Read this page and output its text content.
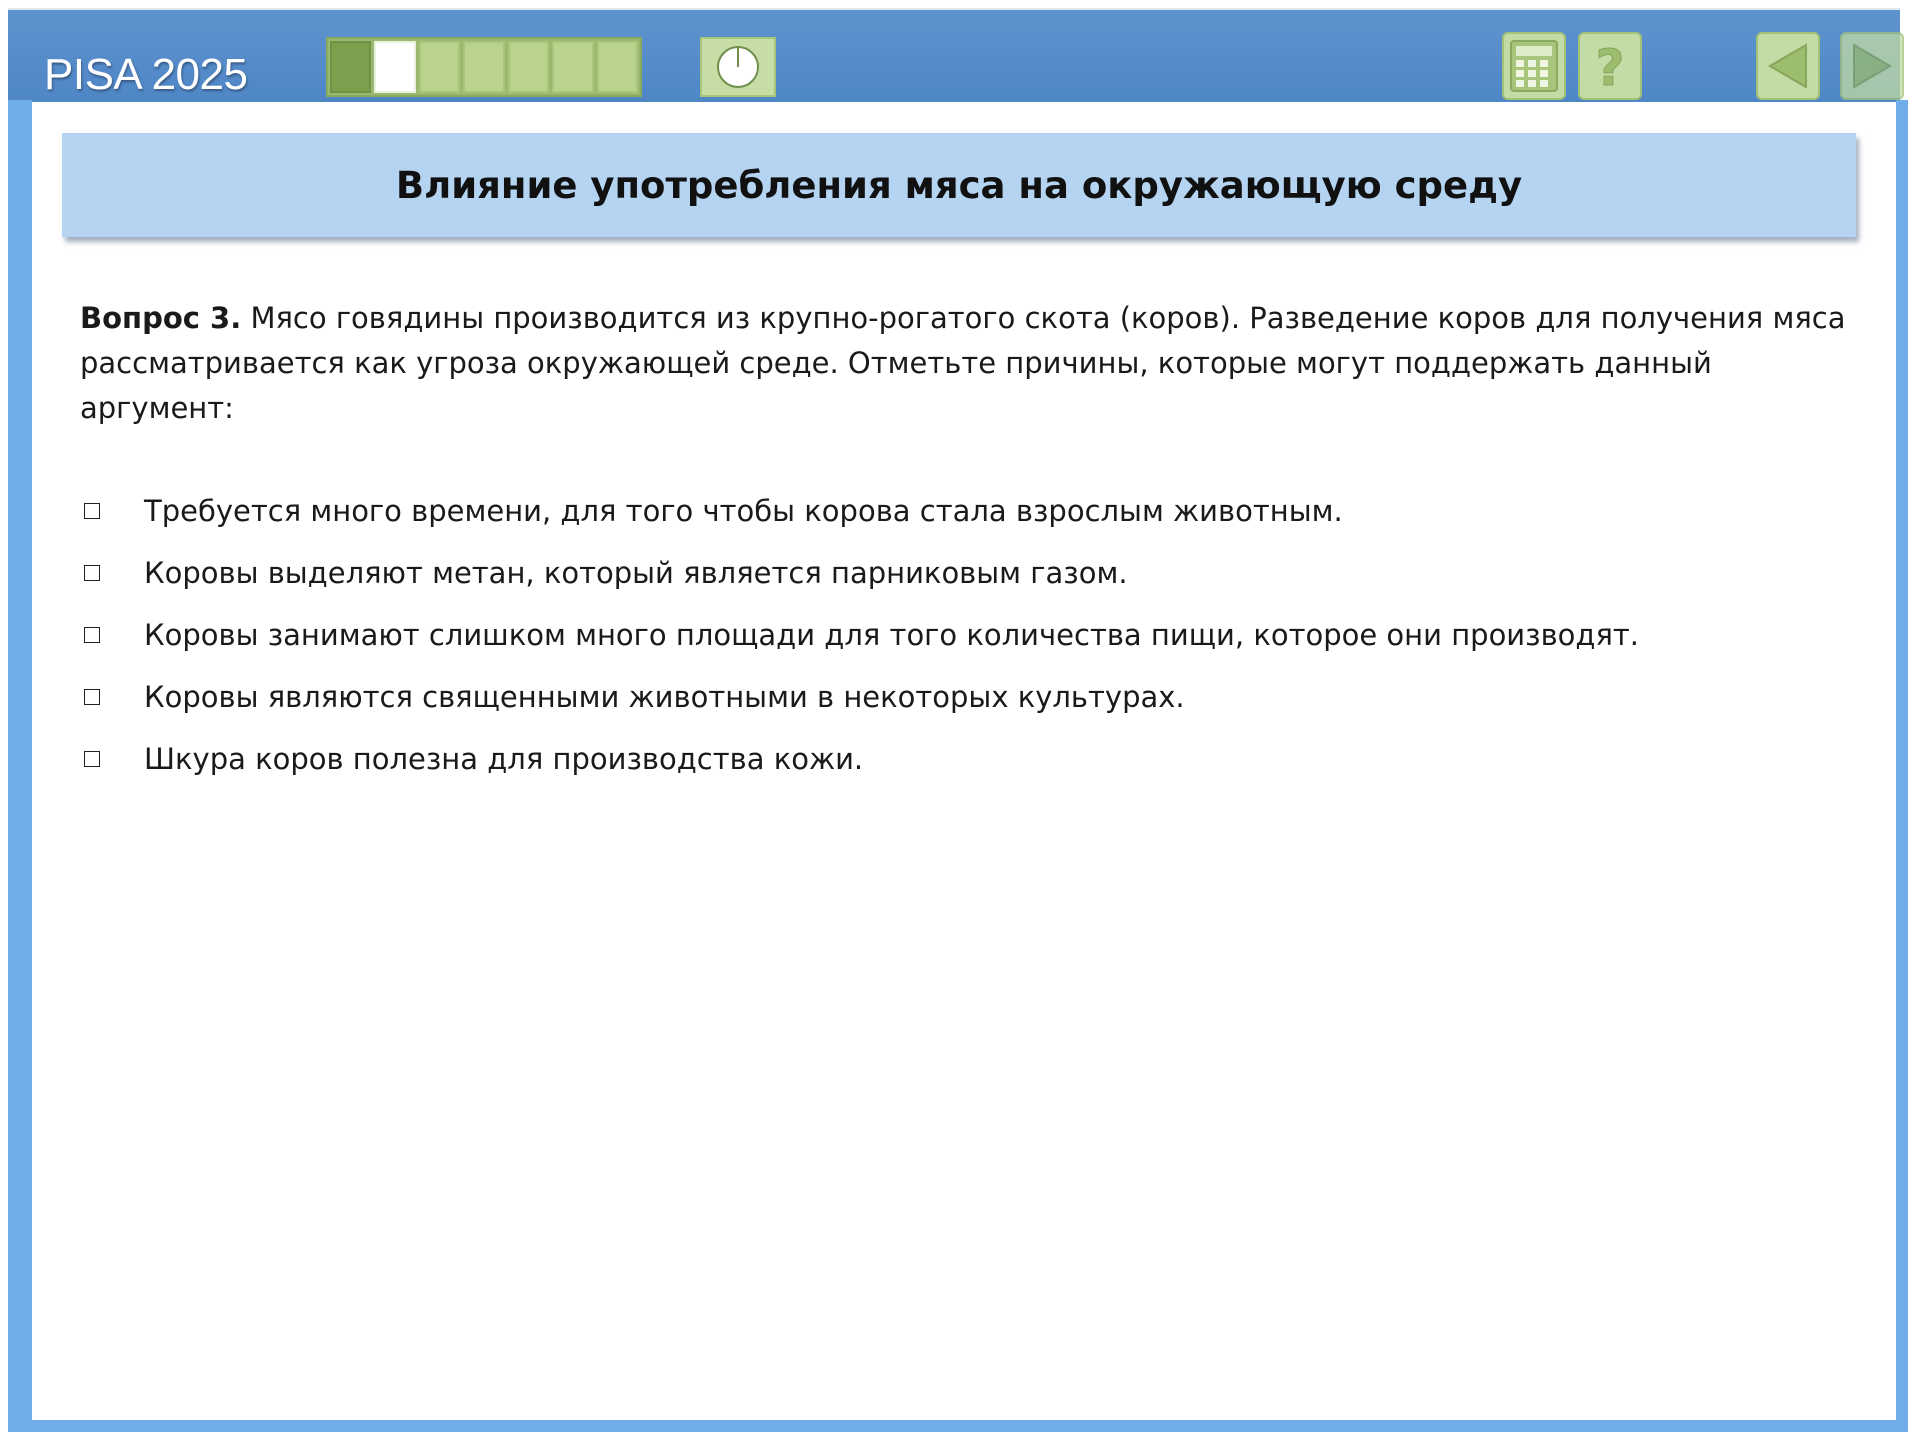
PISA 2025	?
Влияние употребления мяса на окружающую среду
Вопрос 3. Мясо говядины производится из крупно-рогатого скота (коров). Разведение коров для получения мяса рассматривается как угроза окружающей среде. Отметьте причины, которые могут поддержать данный аргумент:
Требуется много времени, для того чтобы корова стала взрослым животным.
Коровы выделяют метан, который является парниковым газом.
Коровы занимают слишком много площади для того количества пищи, которое они производят.
Коровы являются священными животными в некоторых культурах.
Шкура коров полезна для производства кожи.
